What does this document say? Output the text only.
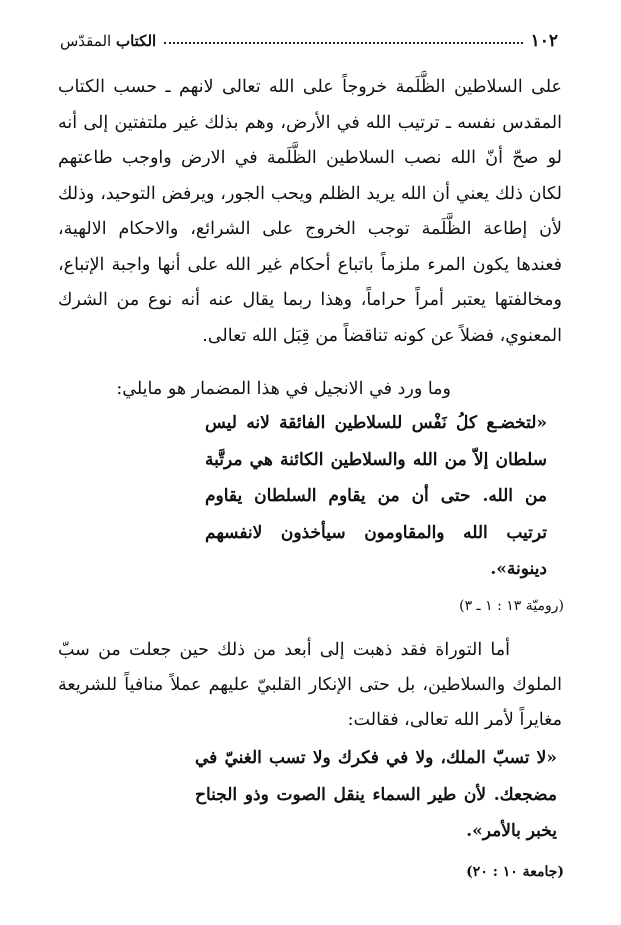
١٠٢
الكتاب المقدّس

على السلاطين الظَّلَمة خروجاً على الله تعالى لانهم ـ حسب الكتاب المقدس نفسه ـ ترتيب الله في الأرض، وهم بذلك غير ملتفتين إلى أنه لو صحّ أنّ الله نصب السلاطين الظَّلَمة في الارض واوجب طاعتهم لكان ذلك يعني أن الله يريد الظلم ويحب الجور، ويرفض التوحيد، وذلك لأن إطاعة الظَّلَمة توجب الخروج على الشرائع، والاحكام الالهية، فعندها يكون المرء ملزماً باتباع أحكام غير الله على أنها واجبة الإتباع، ومخالفتها يعتبر أمراً حراماً، وهذا ربما يقال عنه أنه نوع من الشرك المعنوي، فضلاً عن كونه تناقضاً من قِبَل الله تعالى.

وما ورد في الانجيل في هذا المضمار هو مايلي:
«لتخضـع كلُ نَفْس للسلاطين الفائقة لانه ليس سلطان إلاّ من الله والسلاطين الكائنة هي مرتَّبة من الله. حتى أن من يقاوم السلطان يقاوم ترتيب الله والمقاومون سيأخذون لانفسهم دينونة».
(روميّة ١٣ : ١ ـ ٣)
أما التوراة فقد ذهبت إلى أبعد من ذلك حين جعلت من سبّ الملوك والسلاطين، بل حتى الإنكار القلبيّ عليهم عملاً منافياً للشريعة مغايراً لأمر الله تعالى، فقالت:
«لا تسبّ الملك، ولا في فكرك ولا تسب الغنيّ في مضجعك. لأن طير السماء ينقل الصوت وذو الجناح يخبر بالأمر».
(جامعة ١٠ : ٢٠)
